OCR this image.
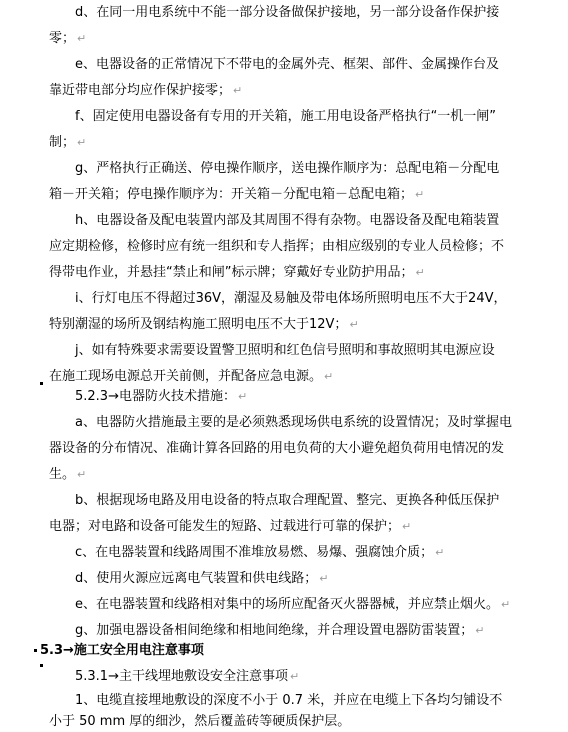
d、在同一用电系统中不能一部分设备做保护接地，另一部分设备作保护接
零； ↵
e、电器设备的正常情况下不带电的金属外壳、框架、部件、金属操作台及
靠近带电部分均应作保护接零； ↵
f、固定使用电器设备有专用的开关箱，施工用电设备严格执行“一机一闸”
制； ↵
g、严格执行正确送、停电操作顺序，送电操作顺序为：总配电箱－分配电
箱－开关箱；停电操作顺序为：开关箱－分配电箱－总配电箱； ↵
h、电器设备及配电装置内部及其周围不得有杂物。电器设备及配电箱装置
应定期检修，检修时应有统一组织和专人指挥；由相应级别的专业人员检修；不
得带电作业，并悬挂“禁止和闸”标示牌；穿戴好专业防护用品； ↵
i、行灯电压不得超过36V，潮湿及易触及带电体场所照明电压不大于24V，
特别潮湿的场所及钢结构施工照明电压不大于12V； ↵
j、如有特殊要求需要设置警卫照明和红色信号照明和事故照明其电源应设
在施工现场电源总开关前侧，并配备应急电源。 ↵
5.2.3→电器防火技术措施： ↵
a、电器防火措施最主要的是必须熟悉现场供电系统的设置情况；及时掌握电
器设备的分布情况、准确计算各回路的用电负荷的大小避免超负荷用电情况的发
生。 ↵
b、根据现场电路及用电设备的特点取合理配置、整完、更换各种低压保护
电器；对电路和设备可能发生的短路、过载进行可靠的保护； ↵
c、在电器装置和线路周围不准堆放易燃、易爆、强腐蚀介质； ↵
d、使用火源应远离电气装置和供电线路； ↵
e、在电器装置和线路相对集中的场所应配备灭火器器械，并应禁止烟火。 ↵
g、加强电器设备相间绝缘和相地间绝缘，并合理设置电器防雷装置； ↵
5.3→施工安全用电注意事项
5.3.1→主干线埋地敷设安全注意事项 ↵
1、电缆直接埋地敷设的深度不小于 0.7 米，并应在电缆上下各均匀铺设不
小于 50 mm 厚的细沙，然后覆盖砖等硬质保护层。
